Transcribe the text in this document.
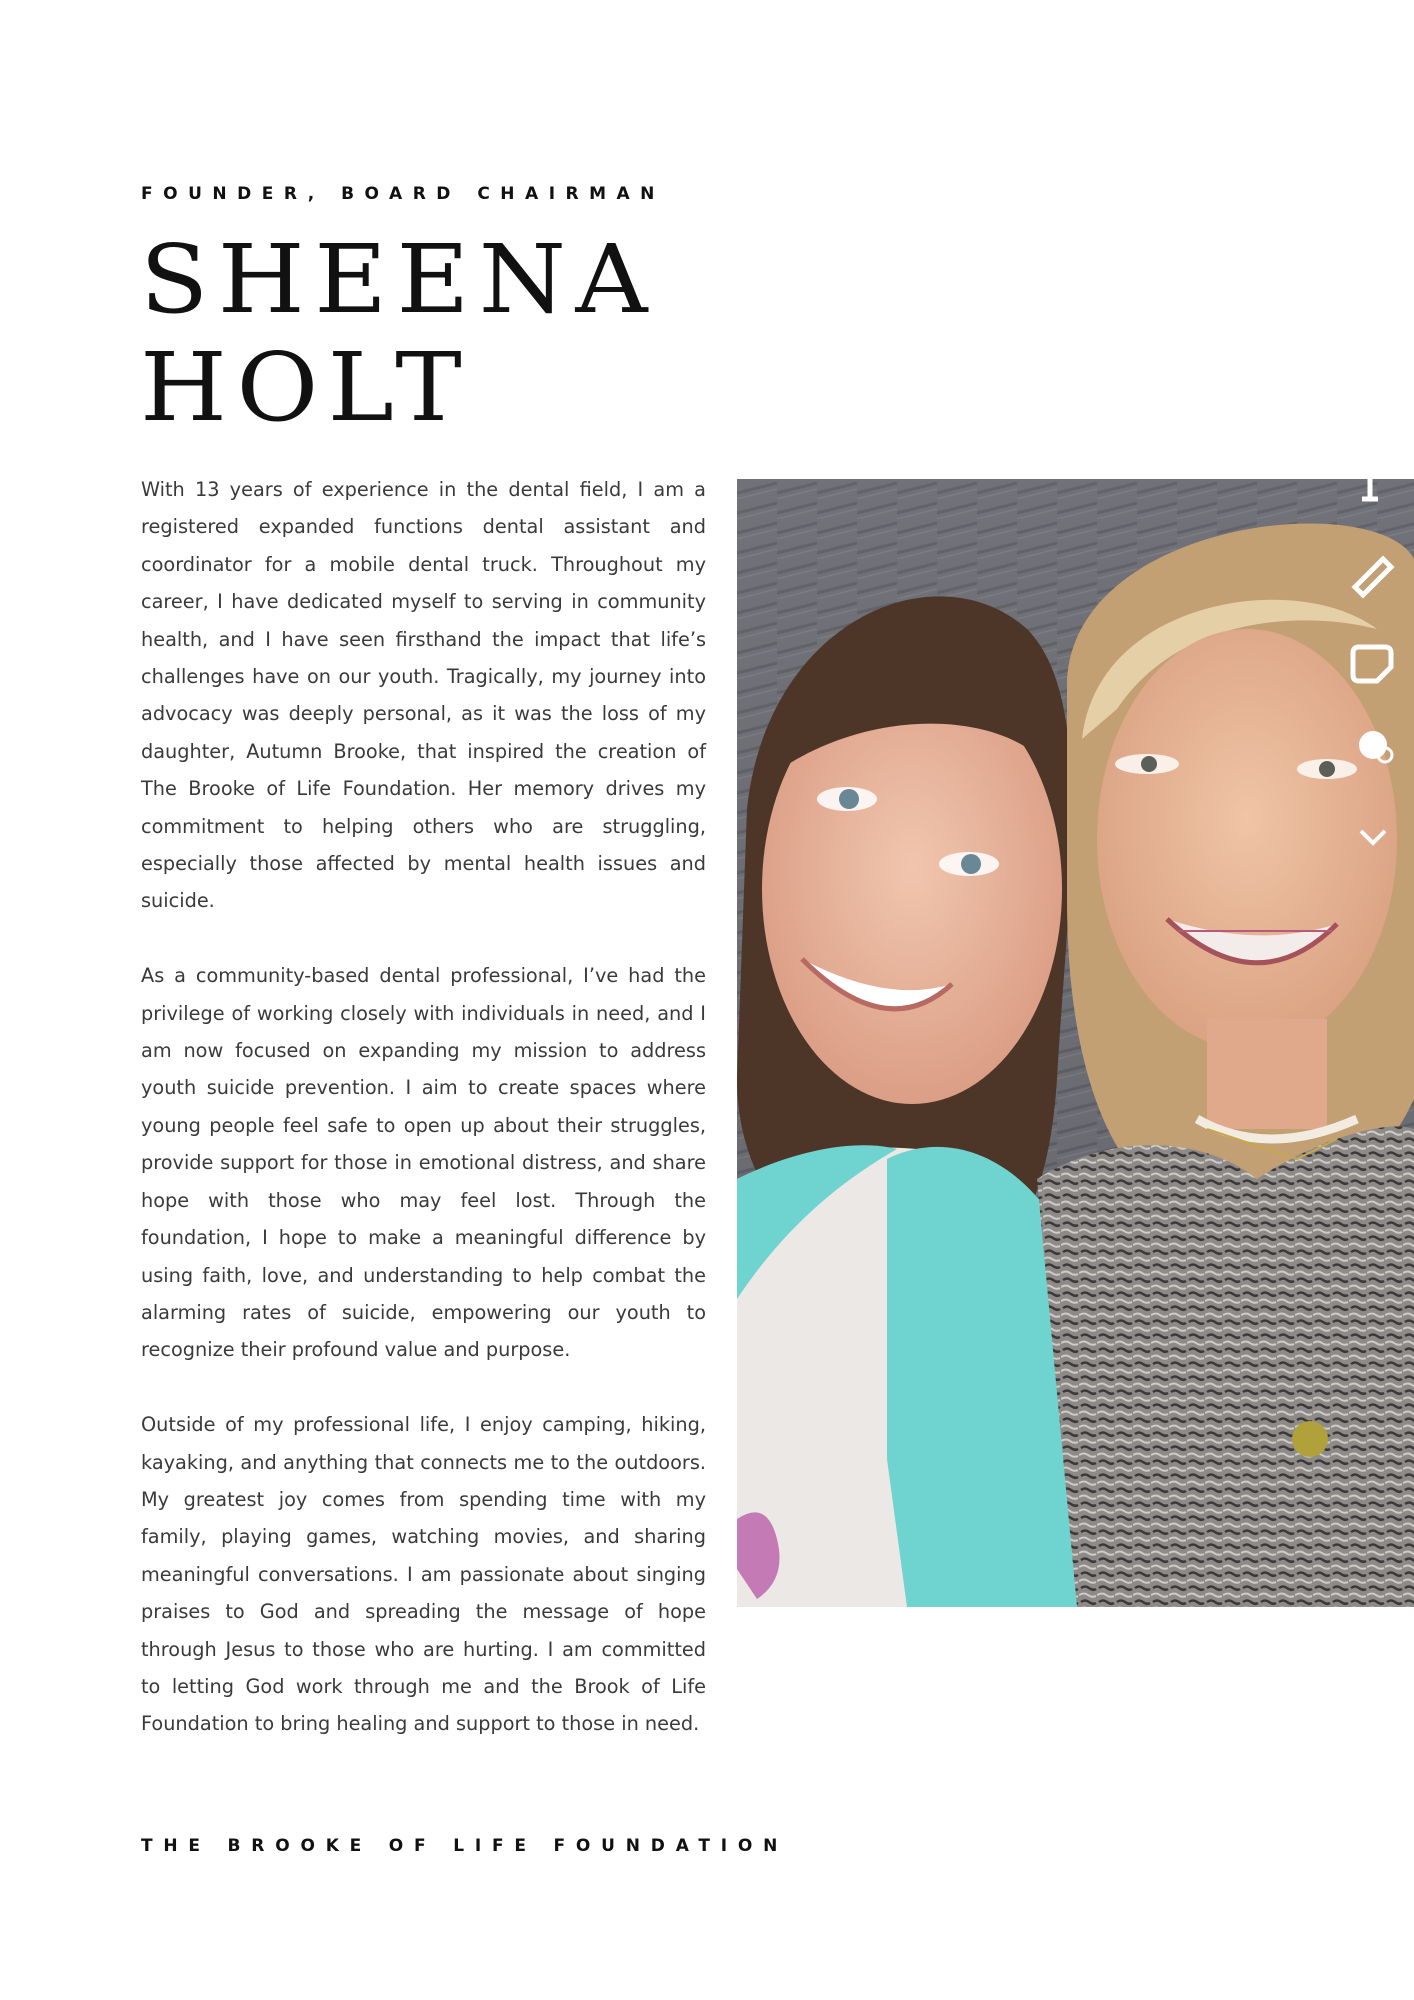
FOUNDER, BOARD CHAIRMAN
SHEENA
HOLT

With 13 years of experience in the dental field, I am a registered expanded functions dental assistant and coordinator for a mobile dental truck. Throughout my career, I have dedicated myself to serving in community health, and I have seen firsthand the impact that life’s challenges have on our youth. Tragically, my journey into advocacy was deeply personal, as it was the loss of my daughter, Autumn Brooke, that inspired the creation of The Brooke of Life Foundation. Her memory drives my commitment to helping others who are struggling, especially those affected by mental health issues and suicide.

As a community-based dental professional, I’ve had the privilege of working closely with individuals in need, and I am now focused on expanding my mission to address youth suicide prevention. I aim to create spaces where young people feel safe to open up about their struggles, provide support for those in emotional distress, and share hope with those who may feel lost. Through the foundation, I hope to make a meaningful difference by using faith, love, and understanding to help combat the alarming rates of suicide, empowering our youth to recognize their profound value and purpose.

Outside of my professional life, I enjoy camping, hiking, kayaking, and anything that connects me to the outdoors. My greatest joy comes from spending time with my family, playing games, watching movies, and sharing meaningful conversations. I am passionate about singing praises to God and spreading the message of hope through Jesus to those who are hurting. I am committed to letting God work through me and the Brook of Life Foundation to bring healing and support to those in need.

THE BROOKE OF LIFE FOUNDATION
